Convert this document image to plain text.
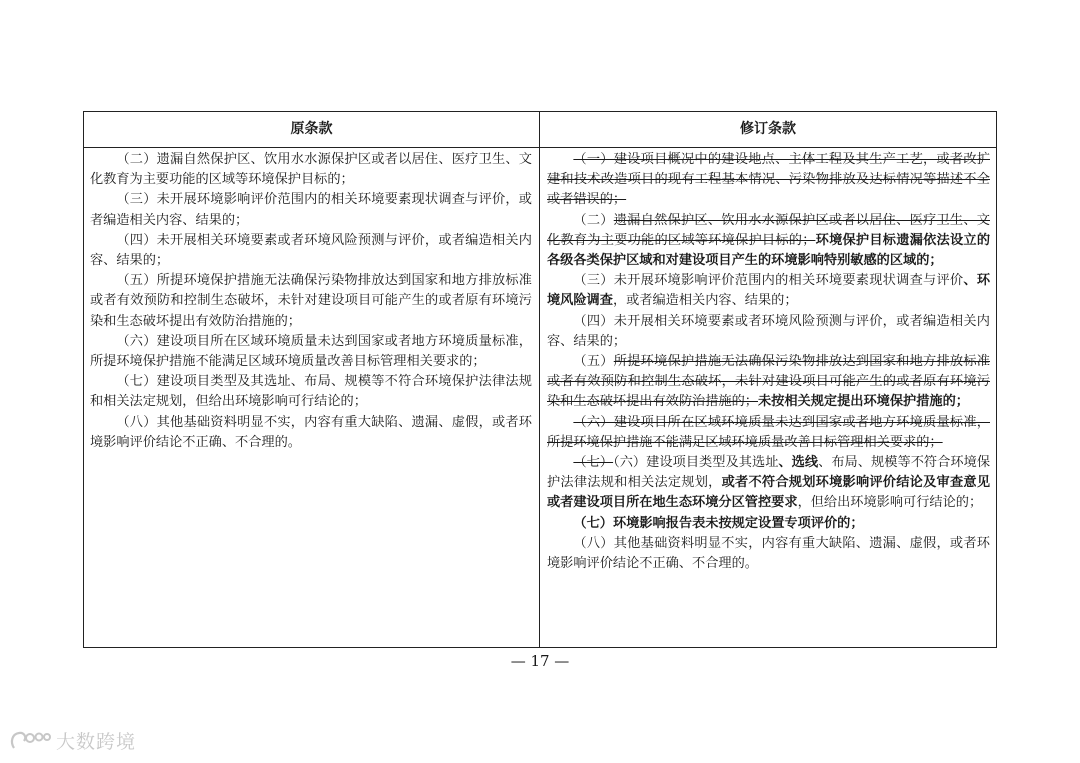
原条款	修订条款

（二）遗漏自然保护区、饮用水水源保护区或者以居住、医疗卫生、文化教育为主要功能的区域等环境保护目标的；

（三）未开展环境影响评价范围内的相关环境要素现状调查与评价，或者编造相关内容、结果的；

（四）未开展相关环境要素或者环境风险预测与评价，或者编造相关内容、结果的；

（五）所提环境保护措施无法确保污染物排放达到国家和地方排放标准或者有效预防和控制生态破坏，未针对建设项目可能产生的或者原有环境污染和生态破坏提出有效防治措施的；

（六）建设项目所在区域环境质量未达到国家或者地方环境质量标准，所提环境保护措施不能满足区域环境质量改善目标管理相关要求的；

（七）建设项目类型及其选址、布局、规模等不符合环境保护法律法规和相关法定规划，但给出环境影响可行结论的；

（八）其他基础资料明显不实，内容有重大缺陷、遗漏、虚假，或者环境影响评价结论不正确、不合理的。

（一）建设项目概况中的建设地点、主体工程及其生产工艺，或者改扩建和技术改造项目的现有工程基本情况、污染物排放及达标情况等描述不全或者错误的；

（二）遗漏自然保护区、饮用水水源保护区或者以居住、医疗卫生、文化教育为主要功能的区域等环境保护目标的；环境保护目标遗漏依法设立的各级各类保护区域和对建设项目产生的环境影响特别敏感的区域的；

（三）未开展环境影响评价范围内的相关环境要素现状调查与评价、环境风险调查，或者编造相关内容、结果的；

（四）未开展相关环境要素或者环境风险预测与评价，或者编造相关内容、结果的；

（五）所提环境保护措施无法确保污染物排放达到国家和地方排放标准或者有效预防和控制生态破坏，未针对建设项目可能产生的或者原有环境污染和生态破坏提出有效防治措施的；未按相关规定提出环境保护措施的；

（六）建设项目所在区域环境质量未达到国家或者地方环境质量标准，所提环境保护措施不能满足区域环境质量改善目标管理相关要求的；

（七）（六）建设项目类型及其选址、选线、布局、规模等不符合环境保护法律法规和相关法定规划，或者不符合规划环境影响评价结论及审查意见或者建设项目所在地生态环境分区管控要求，但给出环境影响可行结论的；

（七）环境影响报告表未按规定设置专项评价的；

（八）其他基础资料明显不实，内容有重大缺陷、遗漏、虚假，或者环境影响评价结论不正确、不合理的。

— 17 —
大数跨境
